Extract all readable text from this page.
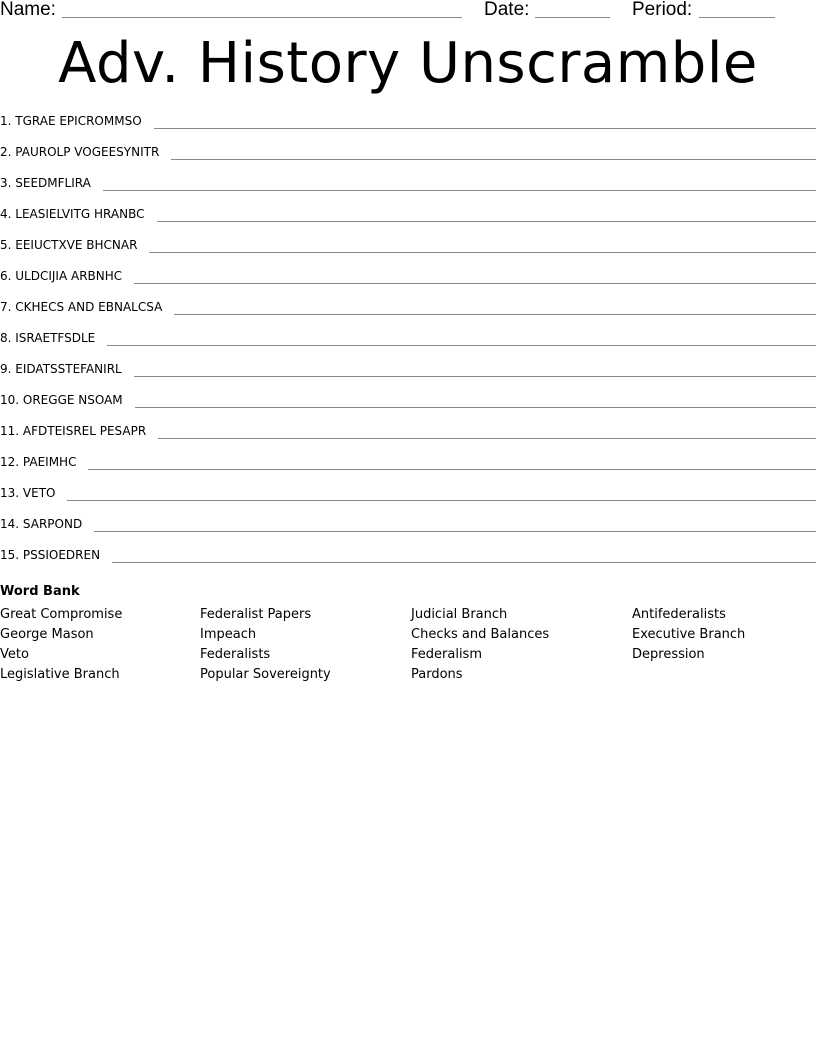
Name:	Date:	Period:
Adv. History Unscramble
1. TGRAE EPICROMMSO
2. PAUROLP VOGEESYNITR
3. SEEDMFLIRA
4. LEASIELVITG HRANBC
5. EEIUCTXVE BHCNAR
6. ULDCIJIA ARBNHC
7. CKHECS AND EBNALCSA
8. ISRAETFSDLE
9. EIDATSSTEFANIRL
10. OREGGE NSOAM
11. AFDTEISREL PESAPR
12. PAEIMHC
13. VETO
14. SARPOND
15. PSSIOEDREN
Word Bank
Great Compromise
George Mason
Veto
Legislative Branch
Federalist Papers
Impeach
Federalists
Popular Sovereignty
Judicial Branch
Checks and Balances
Federalism
Pardons
Antifederalists
Executive Branch
Depression
